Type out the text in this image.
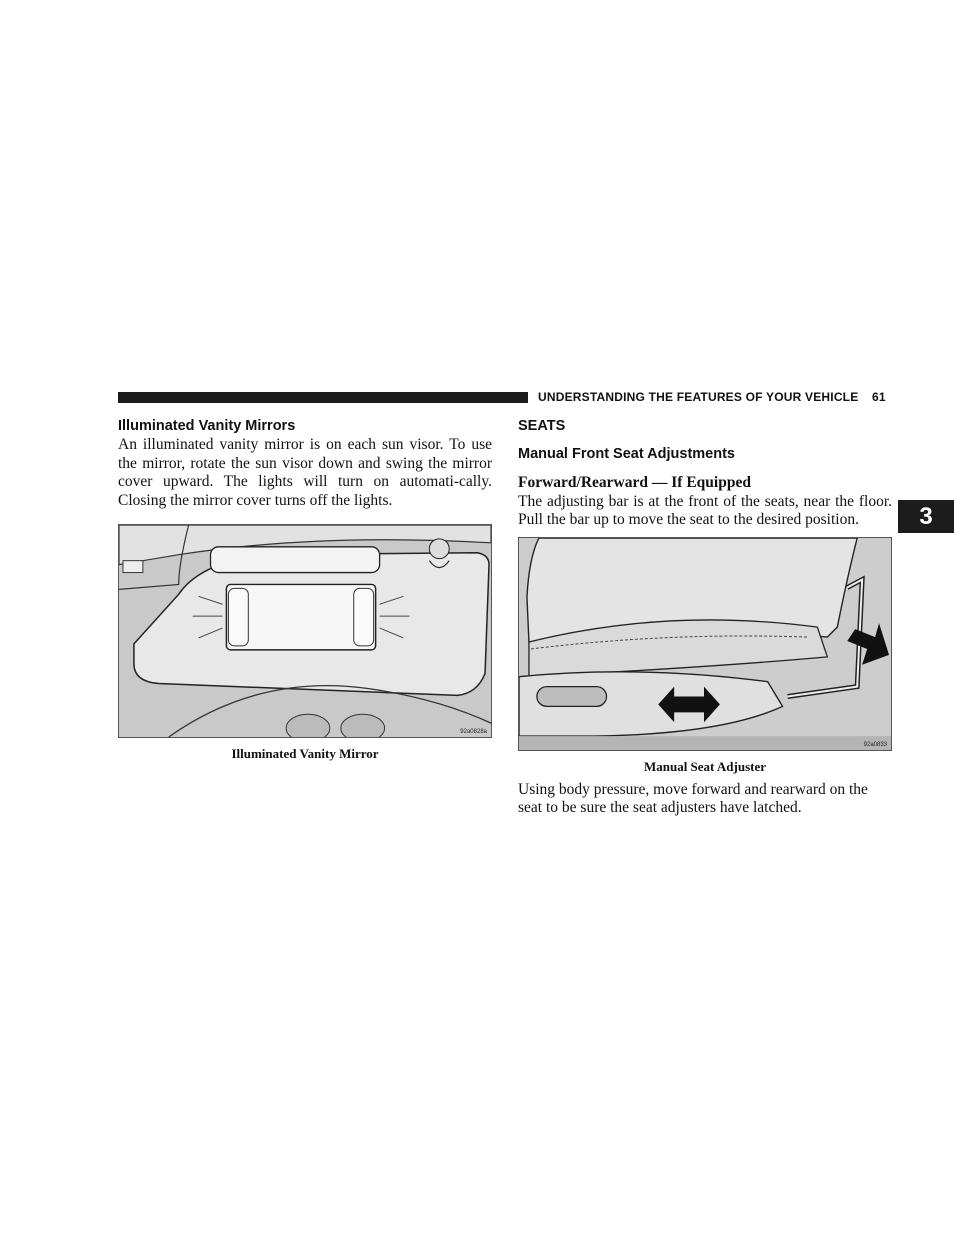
UNDERSTANDING THE FEATURES OF YOUR VEHICLE 61
3
Illuminated Vanity Mirrors

An illuminated vanity mirror is on each sun visor. To use the mirror, rotate the sun visor down and swing the mirror cover upward. The lights will turn on automati-cally. Closing the mirror cover turns off the lights.

92a0828a

Illuminated Vanity Mirror

SEATS
Manual Front Seat Adjustments

Forward/Rearward — If Equipped

The adjusting bar is at the front of the seats, near the floor. Pull the bar up to move the seat to the desired position.

92a0833

Manual Seat Adjuster

Using body pressure, move forward and rearward on the seat to be sure the seat adjusters have latched.
